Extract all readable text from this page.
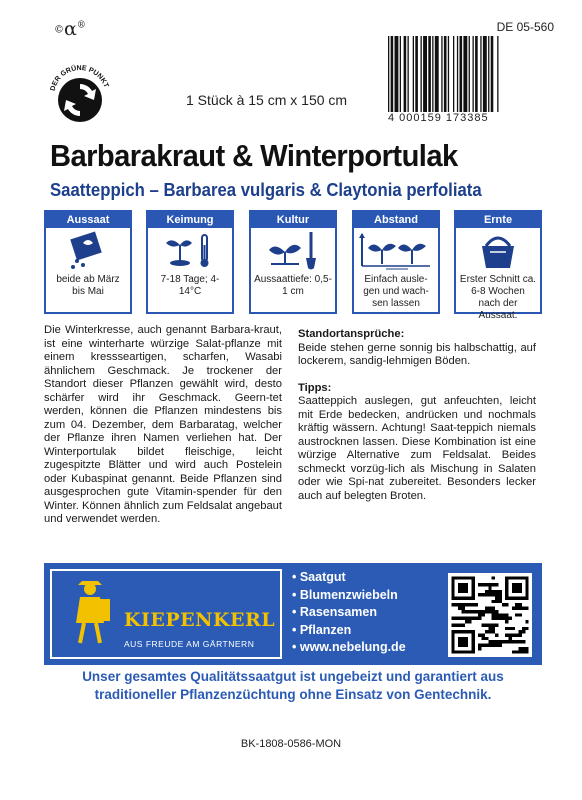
©α®	DE 05-560
DER GRÜNE PUNKT
1 Stück à 15 cm x 150 cm
4 000159 173385
Barbarakraut & Winterportulak
Saatteppich – Barbarea vulgaris & Claytonia perfoliata
Aussaat
beide ab März bis Mai
Keimung
7-18 Tage; 4-14°C
Kultur
Aussaattiefe: 0,5-1 cm
Abstand
Einfach ausle-gen und wach-sen lassen
Ernte
Erster Schnitt ca. 6-8 Wochen nach der Aussaat.
Die Winterkresse, auch genannt Barbara-kraut, ist eine winterharte würzige Salat-pflanze mit einem kressseartigen, scharfen, Wasabi ähnlichem Geschmack. Je trockener der Standort dieser Pflanzen gewählt wird, desto schärfer wird ihr Geschmack. Geern-tet werden, können die Pflanzen mindestens bis zum 04. Dezember, dem Barbaratag, welcher der Pflanze ihren Namen verliehen hat. Der Winterportulak bildet fleischige, leicht zugespitzte Blätter und wird auch Postelein oder Kubaspinat genannt. Beide Pflanzen sind ausgesprochen gute Vitamin-spender für den Winter. Können ähnlich zum Feldsalat angebaut und verwendet werden.
Standortansprüche:
Beide stehen gerne sonnig bis halbschattig, auf lockerem, sandig-lehmigen Böden.
Tipps:
Saatteppich auslegen, gut anfeuchten, leicht mit Erde bedecken, andrücken und nochmals kräftig wässern. Achtung! Saat-teppich niemals austrocknen lassen. Diese Kombination ist eine würzige Alternative zum Feldsalat. Beides schmeckt vorzüg-lich als Mischung in Salaten oder wie Spi-nat zubereitet. Besonders lecker auch auf belegten Broten.
KIEPENKERL
AUS FREUDE AM GÄRTNERN
• Saatgut
• Blumenzwiebeln
• Rasensamen
• Pflanzen
• www.nebelung.de
Unser gesamtes Qualitätssaatgut ist ungebeizt und garantiert aus traditioneller Pflanzenzüchtung ohne Einsatz von Gentechnik.
BK-1808-0586-MON
